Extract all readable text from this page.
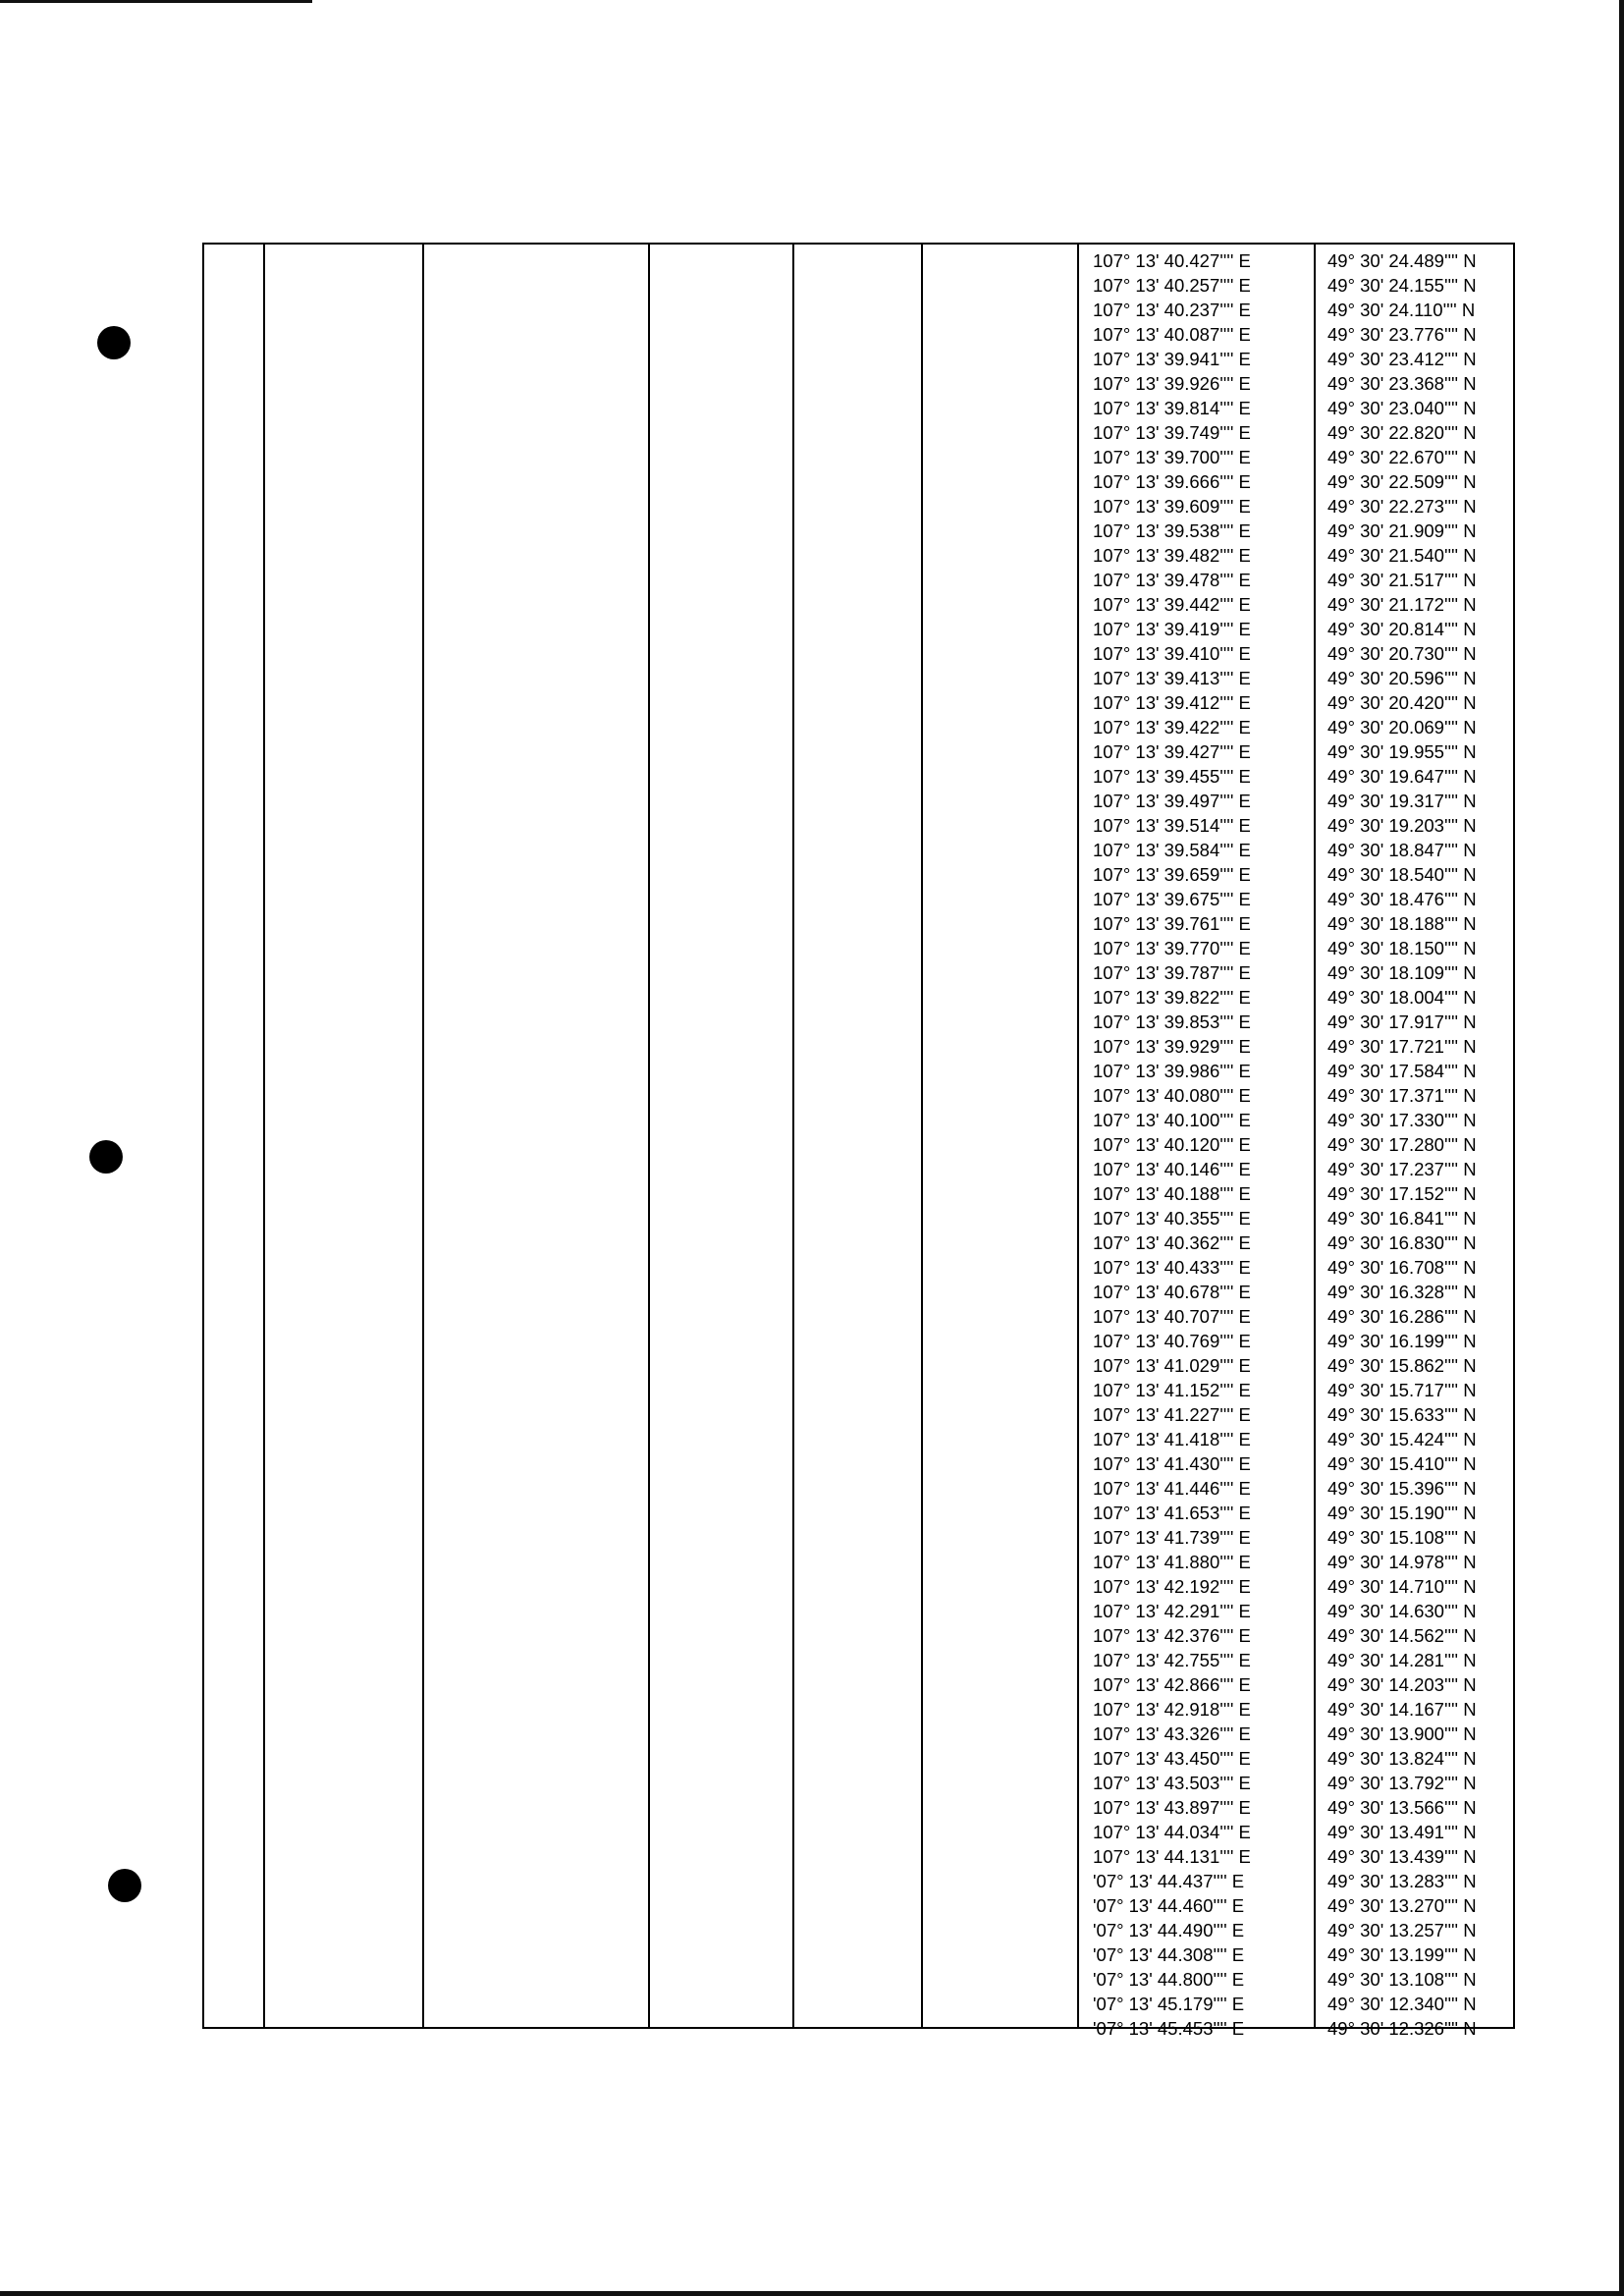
107° 13' 40.427'''' E
107° 13' 40.257'''' E
107° 13' 40.237'''' E
107° 13' 40.087'''' E
107° 13' 39.941'''' E
107° 13' 39.926'''' E
107° 13' 39.814'''' E
107° 13' 39.749'''' E
107° 13' 39.700'''' E
107° 13' 39.666'''' E
107° 13' 39.609'''' E
107° 13' 39.538'''' E
107° 13' 39.482'''' E
107° 13' 39.478'''' E
107° 13' 39.442'''' E
107° 13' 39.419'''' E
107° 13' 39.410'''' E
107° 13' 39.413'''' E
107° 13' 39.412'''' E
107° 13' 39.422'''' E
107° 13' 39.427'''' E
107° 13' 39.455'''' E
107° 13' 39.497'''' E
107° 13' 39.514'''' E
107° 13' 39.584'''' E
107° 13' 39.659'''' E
107° 13' 39.675'''' E
107° 13' 39.761'''' E
107° 13' 39.770'''' E
107° 13' 39.787'''' E
107° 13' 39.822'''' E
107° 13' 39.853'''' E
107° 13' 39.929'''' E
107° 13' 39.986'''' E
107° 13' 40.080'''' E
107° 13' 40.100'''' E
107° 13' 40.120'''' E
107° 13' 40.146'''' E
107° 13' 40.188'''' E
107° 13' 40.355'''' E
107° 13' 40.362'''' E
107° 13' 40.433'''' E
107° 13' 40.678'''' E
107° 13' 40.707'''' E
107° 13' 40.769'''' E
107° 13' 41.029'''' E
107° 13' 41.152'''' E
107° 13' 41.227'''' E
107° 13' 41.418'''' E
107° 13' 41.430'''' E
107° 13' 41.446'''' E
107° 13' 41.653'''' E
107° 13' 41.739'''' E
107° 13' 41.880'''' E
107° 13' 42.192'''' E
107° 13' 42.291'''' E
107° 13' 42.376'''' E
107° 13' 42.755'''' E
107° 13' 42.866'''' E
107° 13' 42.918'''' E
107° 13' 43.326'''' E
107° 13' 43.450'''' E
107° 13' 43.503'''' E
107° 13' 43.897'''' E
107° 13' 44.034'''' E
107° 13' 44.131'''' E
'07° 13' 44.437'''' E
'07° 13' 44.460'''' E
'07° 13' 44.490'''' E
'07° 13' 44.308'''' E
'07° 13' 44.800'''' E
'07° 13' 45.179'''' E
'07° 13' 45.453'''' E
49° 30' 24.489'''' N
49° 30' 24.155'''' N
49° 30' 24.110'''' N
49° 30' 23.776'''' N
49° 30' 23.412'''' N
49° 30' 23.368'''' N
49° 30' 23.040'''' N
49° 30' 22.820'''' N
49° 30' 22.670'''' N
49° 30' 22.509'''' N
49° 30' 22.273'''' N
49° 30' 21.909'''' N
49° 30' 21.540'''' N
49° 30' 21.517'''' N
49° 30' 21.172'''' N
49° 30' 20.814'''' N
49° 30' 20.730'''' N
49° 30' 20.596'''' N
49° 30' 20.420'''' N
49° 30' 20.069'''' N
49° 30' 19.955'''' N
49° 30' 19.647'''' N
49° 30' 19.317'''' N
49° 30' 19.203'''' N
49° 30' 18.847'''' N
49° 30' 18.540'''' N
49° 30' 18.476'''' N
49° 30' 18.188'''' N
49° 30' 18.150'''' N
49° 30' 18.109'''' N
49° 30' 18.004'''' N
49° 30' 17.917'''' N
49° 30' 17.721'''' N
49° 30' 17.584'''' N
49° 30' 17.371'''' N
49° 30' 17.330'''' N
49° 30' 17.280'''' N
49° 30' 17.237'''' N
49° 30' 17.152'''' N
49° 30' 16.841'''' N
49° 30' 16.830'''' N
49° 30' 16.708'''' N
49° 30' 16.328'''' N
49° 30' 16.286'''' N
49° 30' 16.199'''' N
49° 30' 15.862'''' N
49° 30' 15.717'''' N
49° 30' 15.633'''' N
49° 30' 15.424'''' N
49° 30' 15.410'''' N
49° 30' 15.396'''' N
49° 30' 15.190'''' N
49° 30' 15.108'''' N
49° 30' 14.978'''' N
49° 30' 14.710'''' N
49° 30' 14.630'''' N
49° 30' 14.562'''' N
49° 30' 14.281'''' N
49° 30' 14.203'''' N
49° 30' 14.167'''' N
49° 30' 13.900'''' N
49° 30' 13.824'''' N
49° 30' 13.792'''' N
49° 30' 13.566'''' N
49° 30' 13.491'''' N
49° 30' 13.439'''' N
49° 30' 13.283'''' N
49° 30' 13.270'''' N
49° 30' 13.257'''' N
49° 30' 13.199'''' N
49° 30' 13.108'''' N
49° 30' 12.340'''' N
49° 30' 12.326'''' N
